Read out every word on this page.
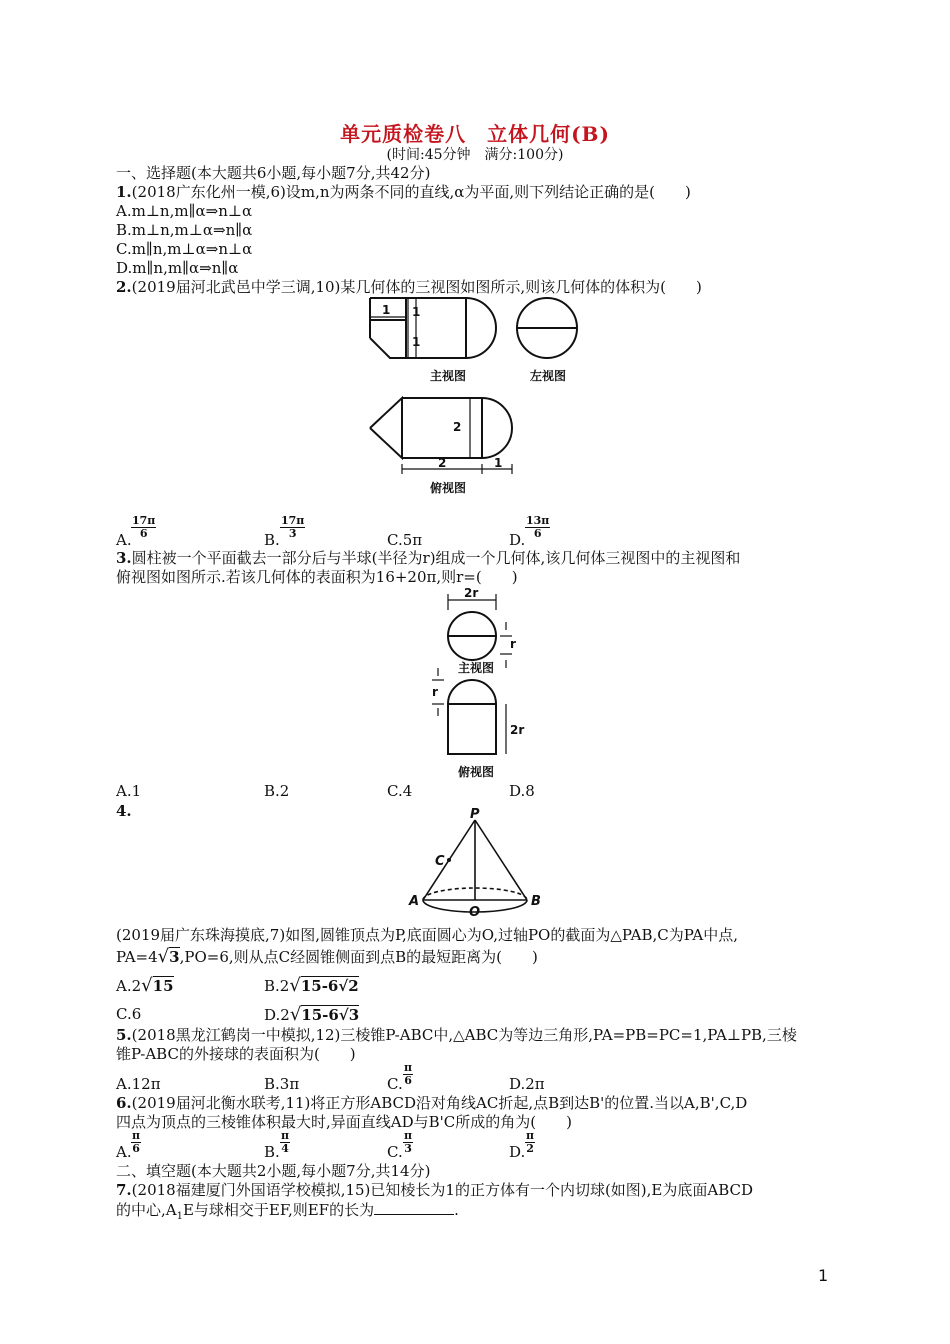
单元质检卷八　立体几何(B)
(时间:45分钟　满分:100分)
一、选择题(本大题共6小题,每小题7分,共42分)
1.(2018广东化州一模,6)设m,n为两条不同的直线,α为平面,则下列结论正确的是(　　)
A.m⊥n,m∥α⇒n⊥α
B.m⊥n,m⊥α⇒n∥α
C.m∥n,m⊥α⇒n⊥α
D.m∥n,m∥α⇒n∥α
2.(2019届河北武邑中学三调,10)某几何体的三视图如图所示,则该几何体的体积为(　　)
1 1
1
2
2	1
主视图	左视图
俯视图
A. $\frac{17\pi}{6}$	B. $\frac{17\pi}{3}$	C.5π	D. $\frac{13\pi}{6}$
3.圆柱被一个平面截去一部分后与半球(半径为r)组成一个几何体,该几何体三视图中的主视图和
俯视图如图所示.若该几何体的表面积为16+20π,则r=(　　)
2r
r
r
2r
主视图
俯视图
A.1	B.2	C.4	D.8
4.	P
C
A
O
B
(2019届广东珠海摸底,7)如图,圆锥顶点为P,底面圆心为O,过轴PO的截面为△PAB,C为PA中点,
PA=4√3,PO=6,则从点C经圆锥侧面到点B的最短距离为(　　)
A.2√15	B.2√15-6√2
C.6	D.2√15-6√3
5.(2018黑龙江鹤岗一中模拟,12)三棱锥P-ABC中,△ABC为等边三角形,PA=PB=PC=1,PA⊥PB,三棱
锥P-ABC的外接球的表面积为(　　)
A.12π	B.3π	C. $\frac{\pi}{6}$	D.2π
6.(2019届河北衡水联考,11)将正方形ABCD沿对角线AC折起,点B到达B'的位置.当以A,B',C,D
四点为顶点的三棱锥体积最大时,异面直线AD与B'C所成的角为(　　)
A. $\frac{\pi}{6}$	B. $\frac{\pi}{4}$	C. $\frac{\pi}{3}$	D. $\frac{\pi}{2}$
二、填空题(本大题共2小题,每小题7分,共14分)
7.(2018福建厦门外国语学校模拟,15)已知棱长为1的正方体有一个内切球(如图),E为底面ABCD
的中心$,A_1E$与球相交于EF,则EF的长为	.
1
